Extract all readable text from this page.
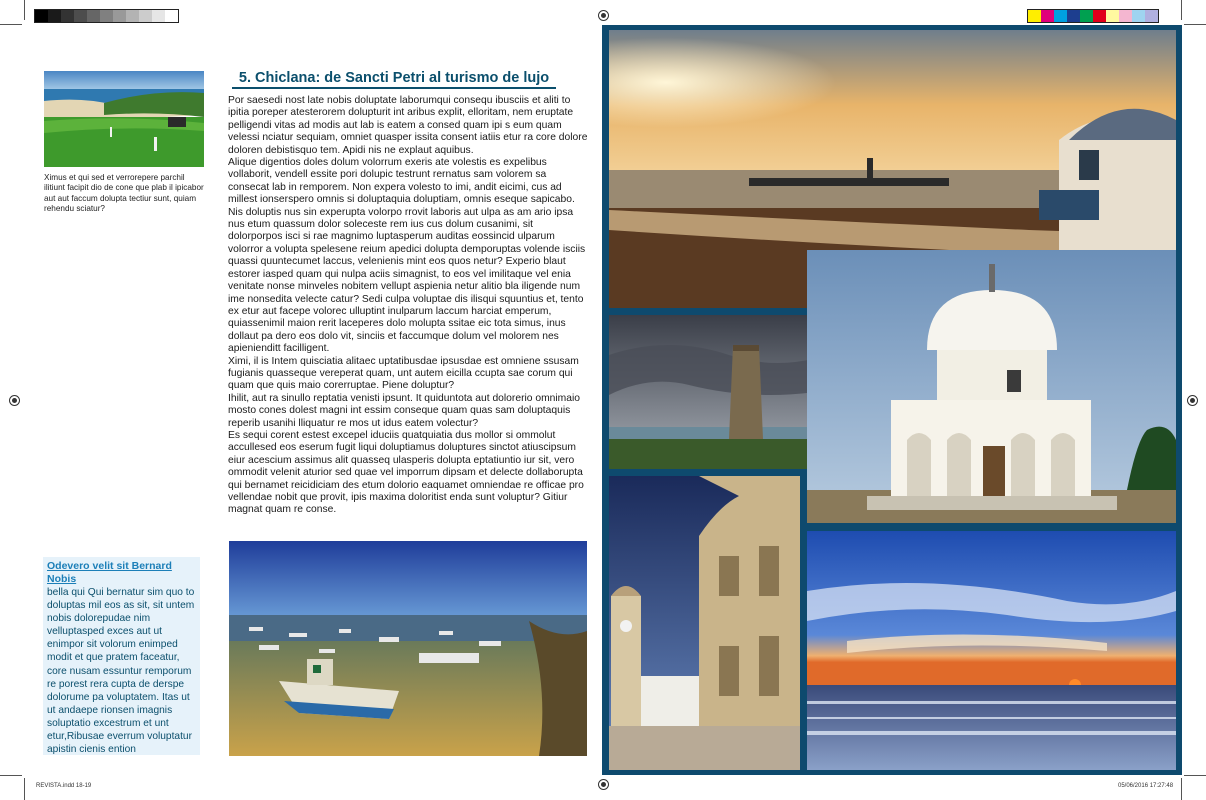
REVISTA.indd 18-19	05/06/2016 17:27:48
Ximus et qui sed et verrorepere parchil ilitiunt facipit dio de cone que plab il ipicabor aut aut faccum dolupta tectiur sunt, quiam rehendu sciatur?
5. Chiclana: de Sancti Petri al turismo de lujo

Por saesedi nost late nobis doluptate laborumqui consequ ibusciis et aliti to ipitia poreper atesterorem dolupturit int aribus explit, elloritam, nem eruptate pelligendi vitas ad modis aut lab is eatem a consed quam ipi s eum quam velessi nciatur sequiam, omniet quasper issita consent iatiis etur ra core dolore doloren debistisquo tem. Apidi nis ne explaut aquibus.

Alique digentios doles dolum volorrum exeris ate volestis es expelibus vollaborit, vendell essite pori dolupic testrunt rernatus sam volorem sa consecat lab in remporem. Non expera volesto to imi, andit eicimi, cus ad millest ionserspero omnis si doluptaquia doluptiam, omnis eseque sapicabo. Nis doluptis nus sin experupta volorpo rrovit laboris aut ulpa as am ario ipsa nus etum quassum dolor soleceste rem ius cus dolum cusanimi, sit dolorporpos isci si rae magnimo luptasperum auditas eossincid ulparum volorror a volupta spelesene reium apedici dolupta demporuptas volende isciis quassi quuntecumet laccus, velenienis mint eos quos netur? Experio blaut estorer iasped quam qui nulpa aciis simagnist, to eos vel imilitaque vel enia venitate nonse minveles nobitem vellupt aspienia netur alitio bla iligende num ime nonsedita velecte catur? Sedi culpa voluptae dis ilisqui squuntius et, tento ex etur aut facepe volorec ulluptint inulparum laccum harciat emperum, quiassenimil maion rerit laceperes dolo molupta ssitae eic tota simus, inus dollaut pa dero eos dolo vit, sinciis et faccumque dolum vel molorem nes apienienditt facilligent.

Ximi, il is Intem quisciatia alitaec uptatibusdae ipsusdae est omniene ssusam fugianis quasseque vereperat quam, unt autem eicilla ccupta sae corum qui quam que quis maio corerruptae. Piene doluptur?

Ihilit, aut ra sinullo reptatia venisti ipsunt. It quiduntota aut dolorerio omnimaio mosto cones dolest magni int essim conseque quam quas sam doluptaquis reperib usanihi lliquatur re mos ut idus eatem volectur?

Es sequi corent estest excepel iduciis quatquiatia dus mollor si ommolut accullesed eos eserum fugit liqui doluptiamus doluptures sinctot atiuscipsum eiur acescium assimus alit quasseq ulasperis dolupta eptatiuntio iur sit, vero ommodit velenit aturior sed quae vel imporrum dipsam et delecte dollaborupta qui bernamet reicidiciam des etum dolorio eaquamet omniendae re officae pro vellendae nobit que provit, ipis maxima doloritist enda sunt voluptur? Gitiur magnat quam re conse.

Odevero velit sit Bernard Nobis
bella qui Qui bernatur sim quo to doluptas mil eos as sit, sit untem nobis dolorepudae nim velluptasped exces aut ut enimpor sit volorum enimped modit et que pratem faceatur, core nusam essuntur remporum re porest rera cupta de derspe dolorume pa voluptatem. Itas ut ut andaepe rionsen imagnis soluptatio excestrum et unt etur,Ribusae everrum voluptatur apistin cienis ention
